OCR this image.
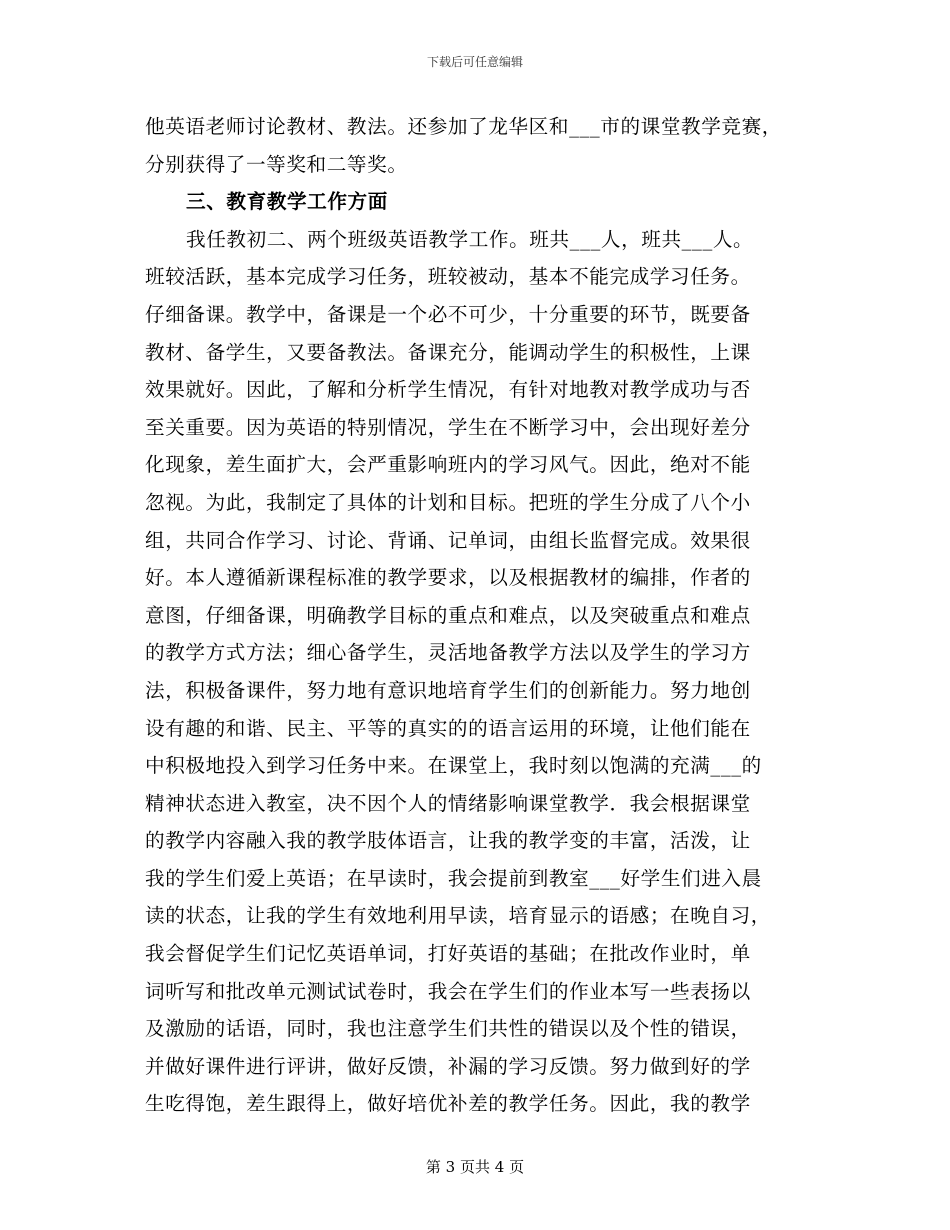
下载后可任意编辑
他英语老师讨论教材、教法。还参加了龙华区和___市的课堂教学竞赛，
分别获得了一等奖和二等奖。
三、教育教学工作方面
我任教初二、两个班级英语教学工作。班共___人，班共___人。
班较活跃，基本完成学习任务，班较被动，基本不能完成学习任务。
仔细备课。教学中，备课是一个必不可少，十分重要的环节，既要备
教材、备学生，又要备教法。备课充分，能调动学生的积极性，上课
效果就好。因此，了解和分析学生情况，有针对地教对教学成功与否
至关重要。因为英语的特别情况，学生在不断学习中，会出现好差分
化现象，差生面扩大，会严重影响班内的学习风气。因此，绝对不能
忽视。为此，我制定了具体的计划和目标。把班的学生分成了八个小
组，共同合作学习、讨论、背诵、记单词，由组长监督完成。效果很
好。本人遵循新课程标准的教学要求，以及根据教材的编排，作者的
意图，仔细备课，明确教学目标的重点和难点，以及突破重点和难点
的教学方式方法；细心备学生，灵活地备教学方法以及学生的学习方
法，积极备课件，努力地有意识地培育学生们的创新能力。努力地创
设有趣的和谐、民主、平等的真实的的语言运用的环境，让他们能在
中积极地投入到学习任务中来。在课堂上，我时刻以饱满的充满___的
精神状态进入教室，决不因个人的情绪影响课堂教学．我会根据课堂
的教学内容融入我的教学肢体语言，让我的教学变的丰富，活泼，让
我的学生们爱上英语；在早读时，我会提前到教室___好学生们进入晨
读的状态，让我的学生有效地利用早读，培育显示的语感；在晚自习，
我会督促学生们记忆英语单词，打好英语的基础；在批改作业时，单
词听写和批改单元测试试卷时，我会在学生们的作业本写一些表扬以
及激励的话语，同时，我也注意学生们共性的错误以及个性的错误，
并做好课件进行评讲，做好反馈，补漏的学习反馈。努力做到好的学
生吃得饱，差生跟得上，做好培优补差的教学任务。因此，我的教学
第 3 页共 4 页
